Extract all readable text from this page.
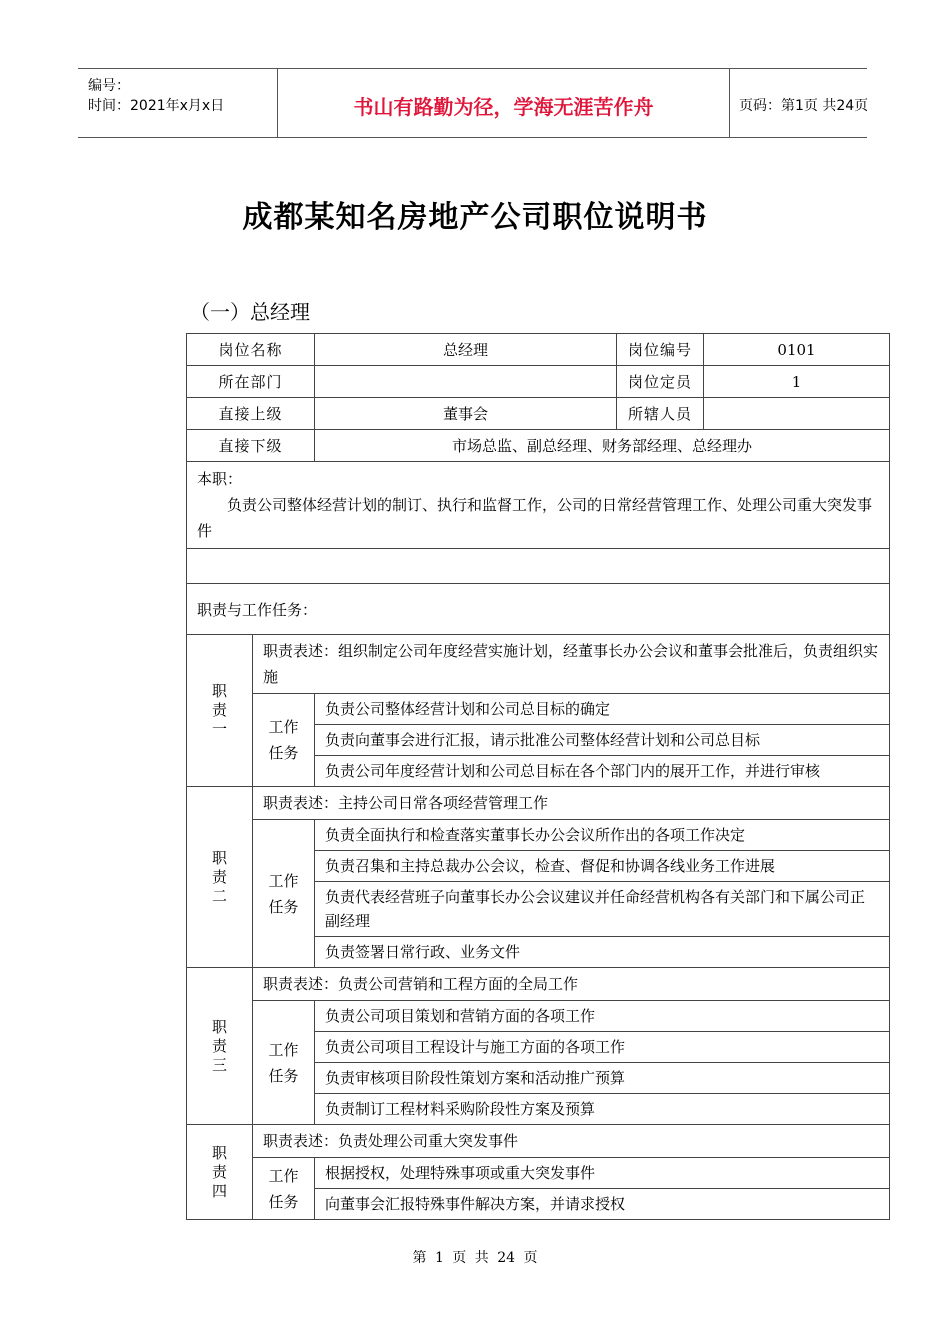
编号：
时间：2021年x月x日	书山有路勤为径，学海无涯苦作舟	页码：第1页 共24页
成都某知名房地产公司职位说明书
（一）总经理
岗位名称		总经理	岗位编号	0101
所在部门			岗位定员	1
直接上级		董事会	所辖人员	
直接下级		市场总监、副总经理、财务部经理、总经理办		

本职：
负责公司整体经营计划的制订、执行和监督工作，公司的日常经营管理工作、处理公司重大突发事件				

职责与工作任务：				

职
责
一	职责表述：组织制定公司年度经营实施计划，经董事长办公会议和董事会批准后，负责组织实施			

	工作
任务	负责公司整体经营计划和公司总目标的确定		
		负责向董事会进行汇报，请示批准公司整体经营计划和公司总目标		
		负责公司年度经营计划和公司总目标在各个部门内的展开工作，并进行审核		

职
责
二	职责表述：主持公司日常各项经营管理工作			

	工作
任务	负责全面执行和检查落实董事长办公会议所作出的各项工作决定		
		负责召集和主持总裁办公会议，检查、督促和协调各线业务工作进展		
		负责代表经营班子向董事长办公会议建议并任命经营机构各有关部门和下属公司正副经理		
		负责签署日常行政、业务文件		

职
责
三	职责表述：负责公司营销和工程方面的全局工作			

	工作
任务	负责公司项目策划和营销方面的各项工作		
		负责公司项目工程设计与施工方面的各项工作		
		负责审核项目阶段性策划方案和活动推广预算		
		负责制订工程材料采购阶段性方案及预算		

职
责
四	职责表述：负责处理公司重大突发事件			

	工作
任务	根据授权，处理特殊事项或重大突发事件		
		向董事会汇报特殊事件解决方案，并请求授权		
第 1 页 共 24 页
